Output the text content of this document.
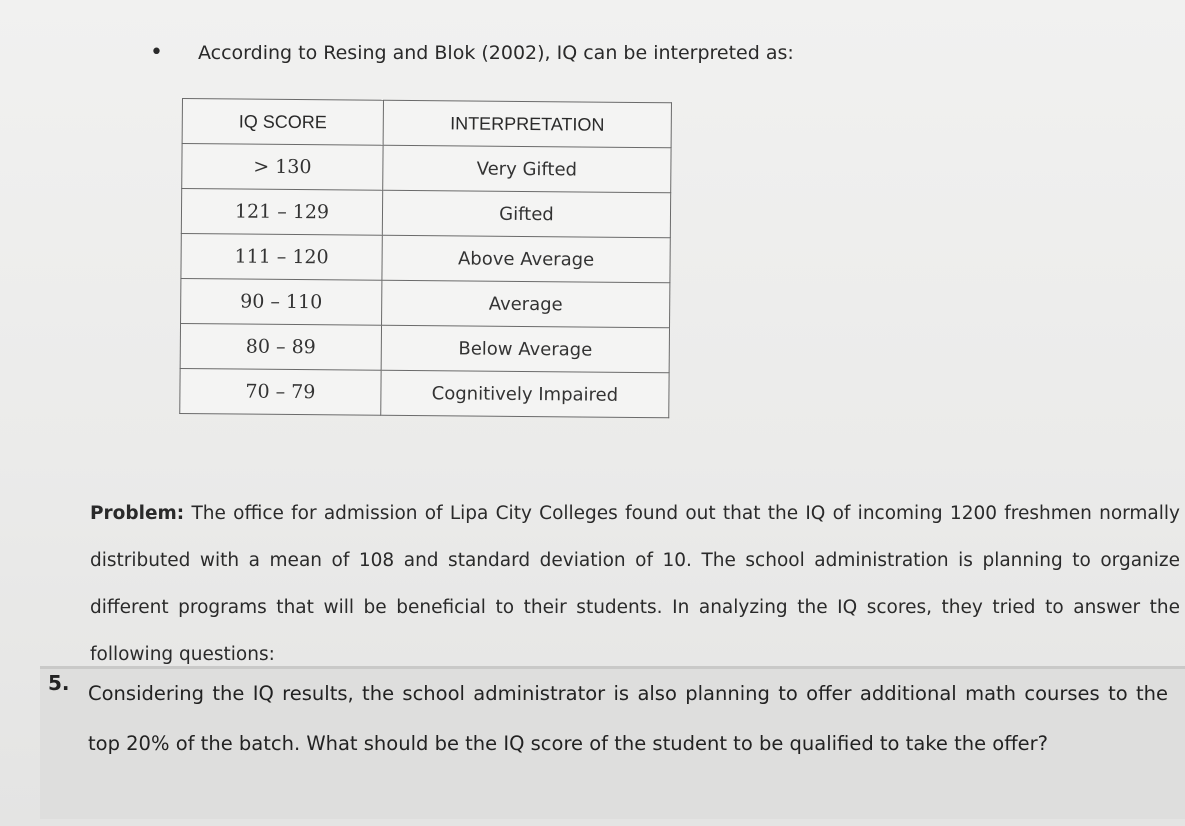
• According to Resing and Blok (2002), IQ can be interpreted as:
IQ SCORE	INTERPRETATION
> 130	Very Gifted
121 – 129	Gifted
111 – 120	Above Average
90 – 110	Average
80 – 89	Below Average
70 – 79	Cognitively Impaired

Problem: The office for admission of Lipa City Colleges found out that the IQ of incoming 1200 freshmen normally distributed with a mean of 108 and standard deviation of 10. The school administration is planning to organize different programs that will be beneficial to their students. In analyzing the IQ scores, they tried to answer the following questions:

5. Considering the IQ results, the school administrator is also planning to offer additional math courses to the top 20% of the batch. What should be the IQ score of the student to be qualified to take the offer?
